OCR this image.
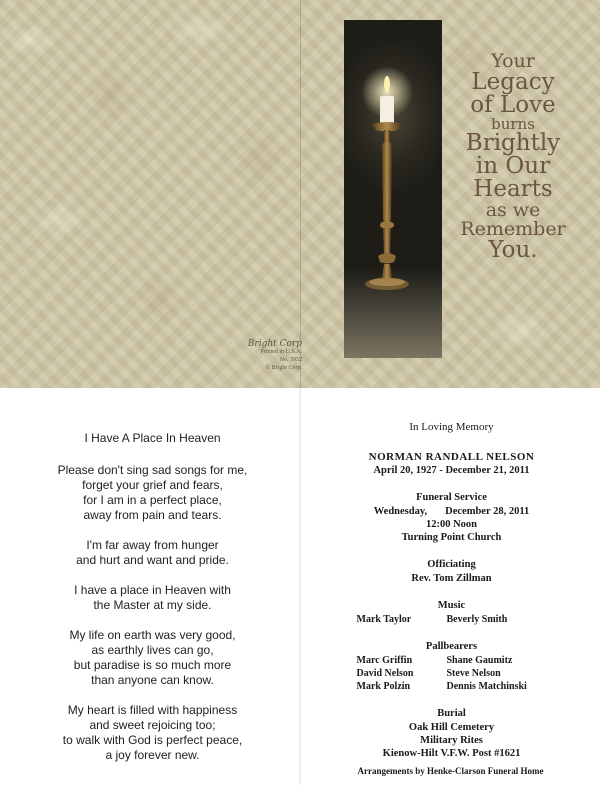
Your
Legacy
of Love
burns
Brightly
in Our
Hearts
as we
Remember
You.
Bright Corp
Printed in U.S.A.
No. 3952
© Bright Corp.
I Have A Place In Heaven
Please don't sing sad songs for me,
forget your grief and fears,
for I am in a perfect place,
away from pain and tears.
I'm far away from hunger
and hurt and want and pride.
I have a place in Heaven with
the Master at my side.
My life on earth was very good,
as earthly lives can go,
but paradise is so much more
than anyone can know.
My heart is filled with happiness
and sweet rejoicing too;
to walk with God is perfect peace,
a joy forever new.
In Loving Memory
NORMAN RANDALL NELSON
April 20, 1927 - December 21, 2011
Funeral Service
Wednesday, December 28, 2011
12:00 Noon
Turning Point Church
Officiating
Rev. Tom Zillman
Music
Mark Taylor	Beverly Smith
Pallbearers
Marc Griffin	Shane Gaumitz
David Nelson	Steve Nelson
Mark Polzin	Dennis Matchinski
Burial
Oak Hill Cemetery
Military Rites
Kienow-Hilt V.F.W. Post #1621
Arrangements by Henke-Clarson Funeral Home
